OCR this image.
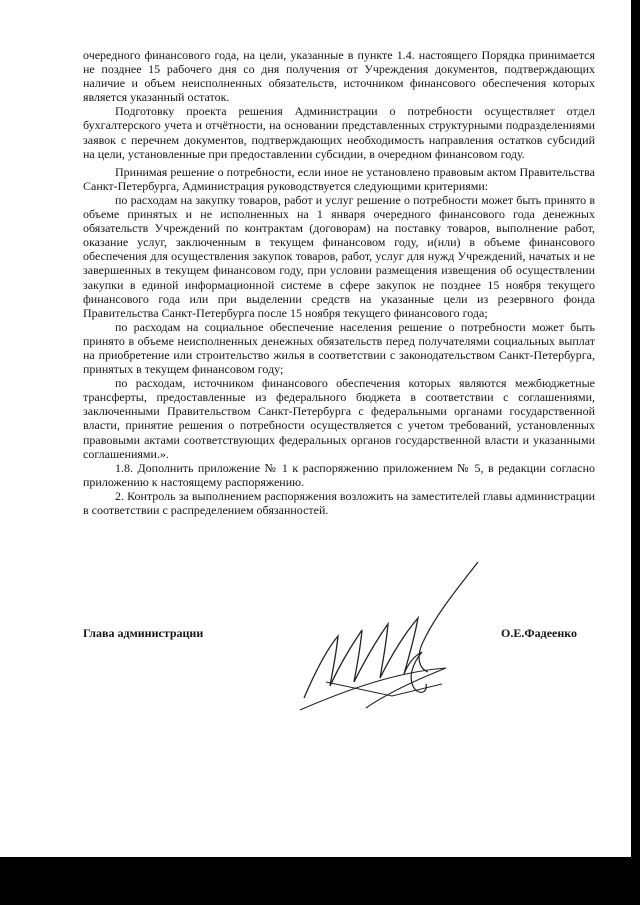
очередного финансового года, на цели, указанные в пункте 1.4. настоящего Порядка принимается не позднее 15 рабочего дня со дня получения от Учреждения документов, подтверждающих наличие и объем неисполненных обязательств, источником финансового обеспечения которых является указанный остаток.

Подготовку проекта решения Администрации о потребности осуществляет отдел бухгалтерского учета и отчётности, на основании представленных структурными подразделениями заявок с перечнем документов, подтверждающих необходимость направления остатков субсидий на цели, установленные при предоставлении субсидии, в очередном финансовом году.

Принимая решение о потребности, если иное не установлено правовым актом Правительства Санкт-Петербурга, Администрация руководствуется следующими критериями:

по расходам на закупку товаров, работ и услуг решение о потребности может быть принято в объеме принятых и не исполненных на 1 января очередного финансового года денежных обязательств Учреждений по контрактам (договорам) на поставку товаров, выполнение работ, оказание услуг, заключенным в текущем финансовом году, и(или) в объеме финансового обеспечения для осуществления закупок товаров, работ, услуг для нужд Учреждений, начатых и не завершенных в текущем финансовом году, при условии размещения извещения об осуществлении закупки в единой информационной системе в сфере закупок не позднее 15 ноября текущего финансового года или при выделении средств на указанные цели из резервного фонда Правительства Санкт-Петербурга после 15 ноября текущего финансового года;

по расходам на социальное обеспечение населения решение о потребности может быть принято в объеме неисполненных денежных обязательств перед получателями социальных выплат на приобретение или строительство жилья в соответствии с законодательством Санкт-Петербурга, принятых в текущем финансовом году;

по расходам, источником финансового обеспечения которых являются межбюджетные трансферты, предоставленные из федерального бюджета в соответствии с соглашениями, заключенными Правительством Санкт-Петербурга с федеральными органами государственной власти, принятие решения о потребности осуществляется с учетом требований, установленных правовыми актами соответствующих федеральных органов государственной власти и указанными соглашениями.».

1.8. Дополнить приложение № 1 к распоряжению приложением № 5, в редакции согласно приложению к настоящему распоряжению.

2. Контроль за выполнением распоряжения возложить на заместителей главы администрации в соответствии с распределением обязанностей.

Глава администрации	О.Е.Фадеенко
